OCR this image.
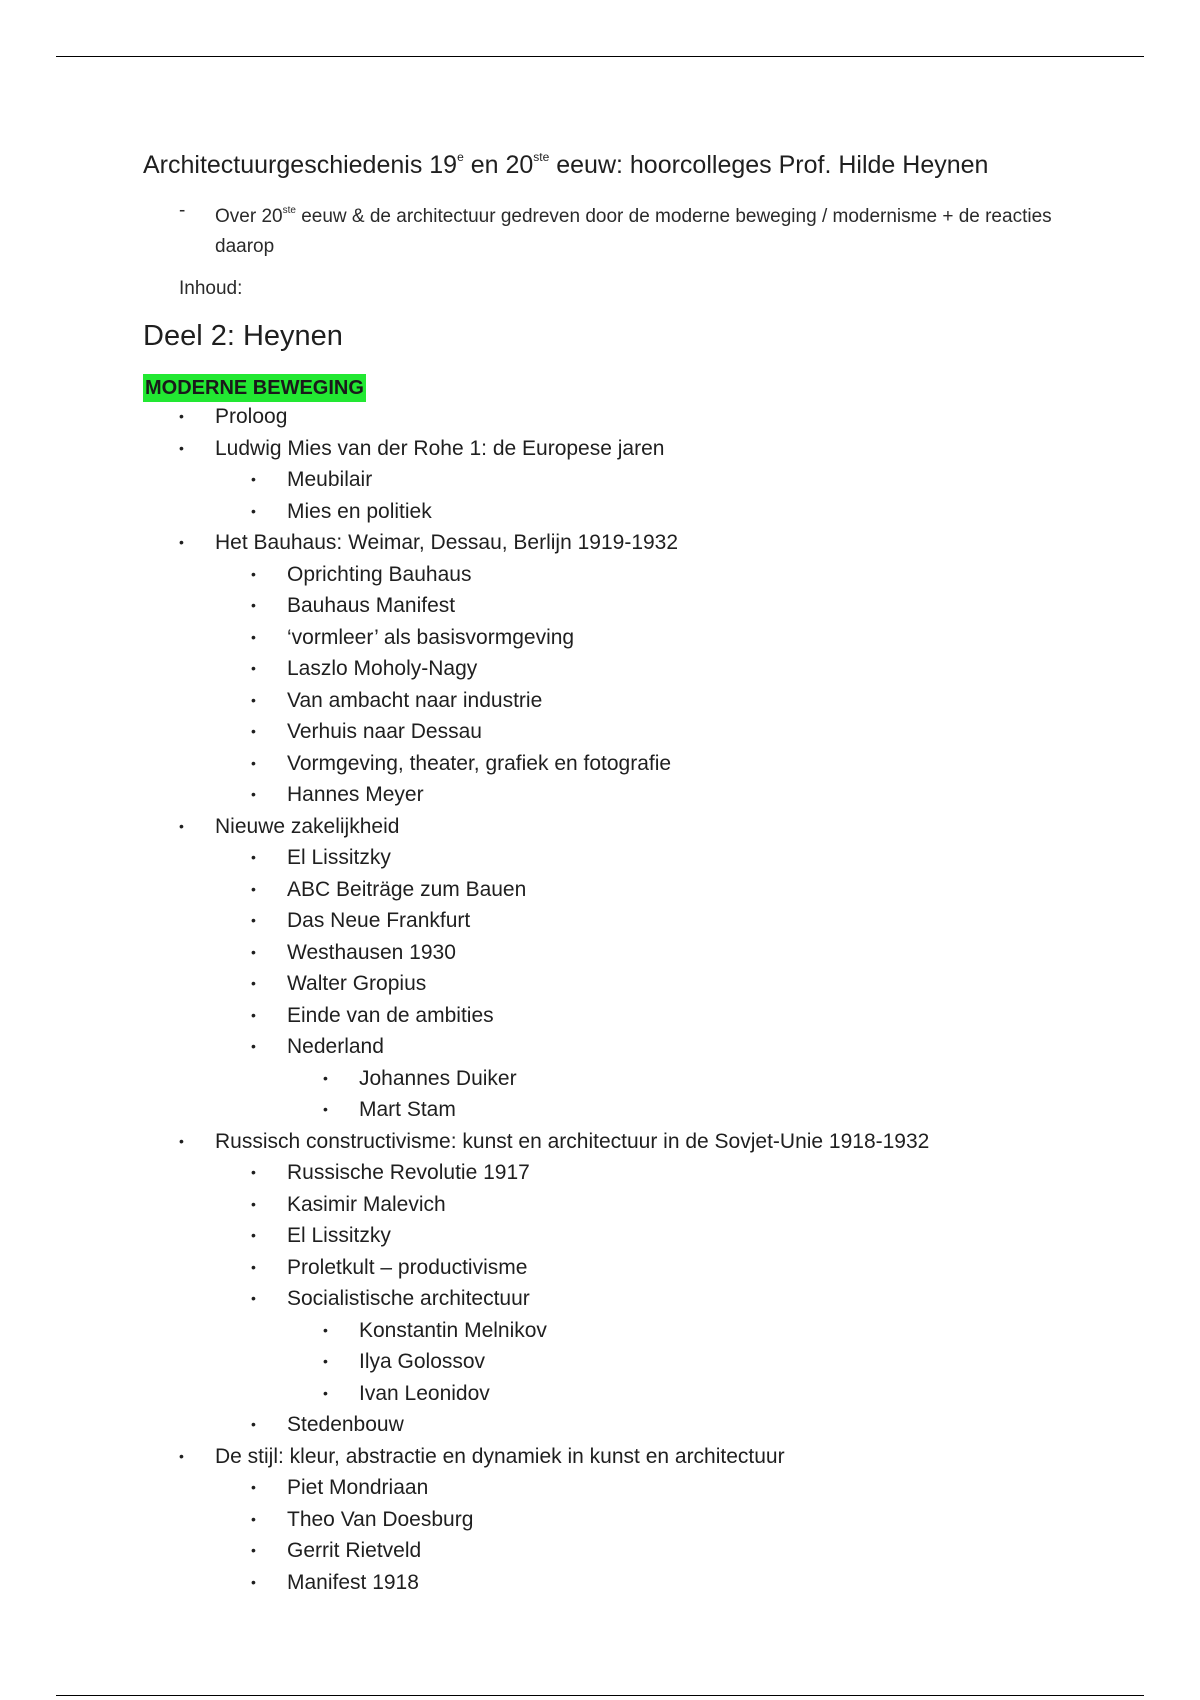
Architectuurgeschiedenis 19e en 20ste eeuw: hoorcolleges Prof. Hilde Heynen
-	Over 20ste eeuw & de architectuur gedreven door de moderne beweging / modernisme + de reacties daarop
Inhoud:
Deel 2: Heynen
MODERNE BEWEGING
•	Proloog
•	Ludwig Mies van der Rohe 1: de Europese jaren
•	Meubilair
•	Mies en politiek
•	Het Bauhaus: Weimar, Dessau, Berlijn 1919-1932
•	Oprichting Bauhaus
•	Bauhaus Manifest
•	‘vormleer’ als basisvormgeving
•	Laszlo Moholy-Nagy
•	Van ambacht naar industrie
•	Verhuis naar Dessau
•	Vormgeving, theater, grafiek en fotografie
•	Hannes Meyer
•	Nieuwe zakelijkheid
•	El Lissitzky
•	ABC Beiträge zum Bauen
•	Das Neue Frankfurt
•	Westhausen 1930
•	Walter Gropius
•	Einde van de ambities
•	Nederland
•	Johannes Duiker
•	Mart Stam
•	Russisch constructivisme: kunst en architectuur in de Sovjet-Unie 1918-1932
•	Russische Revolutie 1917
•	Kasimir Malevich
•	El Lissitzky
•	Proletkult – productivisme
•	Socialistische architectuur
•	Konstantin Melnikov
•	Ilya Golossov
•	Ivan Leonidov
•	Stedenbouw
•	De stijl: kleur, abstractie en dynamiek in kunst en architectuur
•	Piet Mondriaan
•	Theo Van Doesburg
•	Gerrit Rietveld
•	Manifest 1918
